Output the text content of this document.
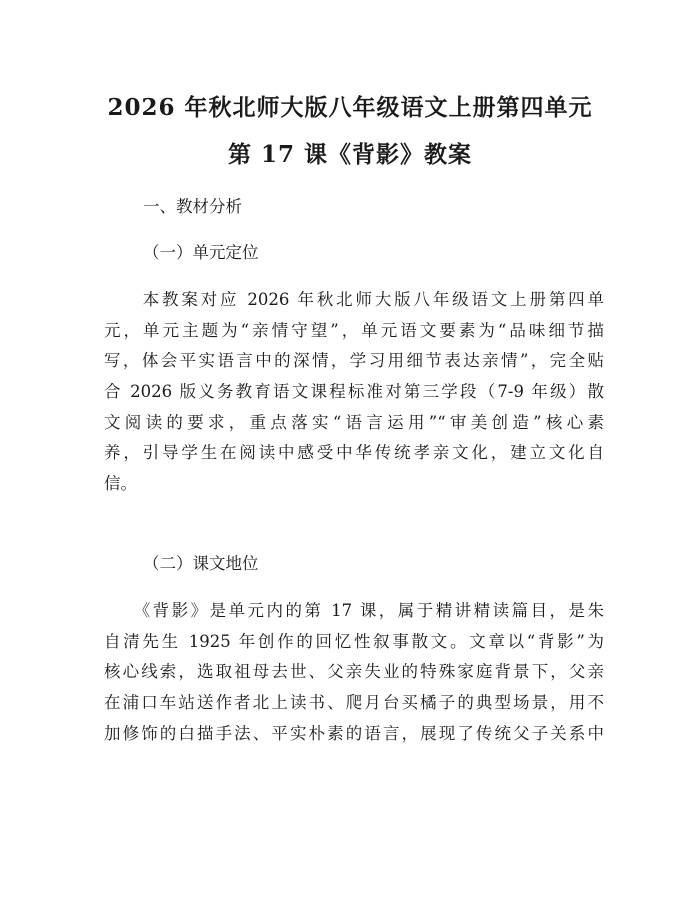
2026 年秋北师大版八年级语文上册第四单元
第 17 课《背影》教案

一、教材分析

（一）单元定位

　　本教案对应 2026 年秋北师大版八年级语文上册第四单
元，单元主题为“亲情守望”，单元语文要素为“品味细节描
写，体会平实语言中的深情，学习用细节表达亲情”，完全贴
合 2026 版义务教育语文课程标准对第三学段（7-9 年级）散
文阅读的要求，重点落实“语言运用”“审美创造”核心素
养，引导学生在阅读中感受中华传统孝亲文化，建立文化自
信。

（二）课文地位

　　《背影》是单元内的第 17 课，属于精讲精读篇目，是朱
自清先生 1925 年创作的回忆性叙事散文。文章以“背影”为
核心线索，选取祖母去世、父亲失业的特殊家庭背景下，父亲
在浦口车站送作者北上读书、爬月台买橘子的典型场景，用不
加修饰的白描手法、平实朴素的语言，展现了传统父子关系中
